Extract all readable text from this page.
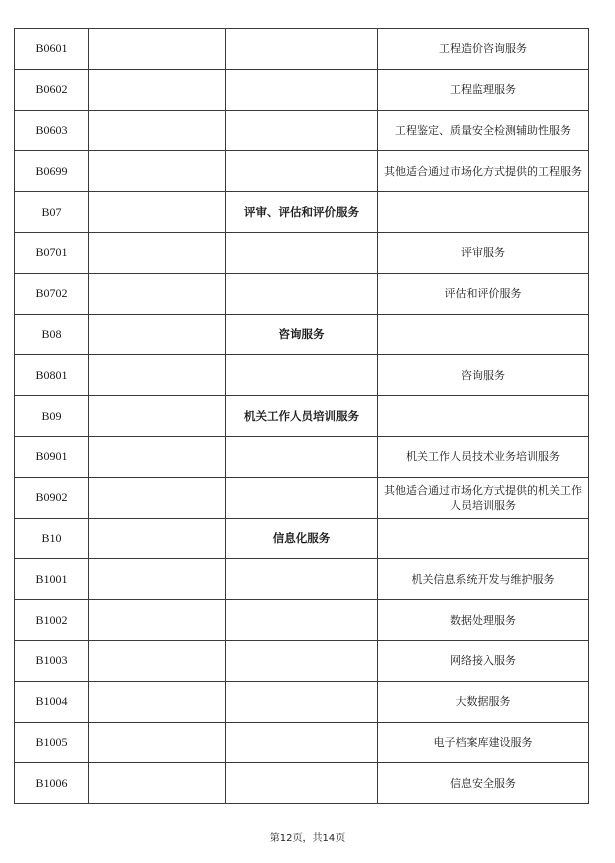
B0601			工程造价咨询服务
B0602			工程监理服务
B0603			工程鉴定、质量安全检测辅助性服务
B0699			其他适合通过市场化方式提供的工程服务
B07		评审、评估和评价服务	
B0701			评审服务
B0702			评估和评价服务
B08		咨询服务	
B0801			咨询服务
B09		机关工作人员培训服务	
B0901			机关工作人员技术业务培训服务
B0902			其他适合通过市场化方式提供的机关工作人员培训服务
B10		信息化服务	
B1001			机关信息系统开发与维护服务
B1002			数据处理服务
B1003			网络接入服务
B1004			大数据服务
B1005			电子档案库建设服务
B1006			信息安全服务
第12页，共14页
